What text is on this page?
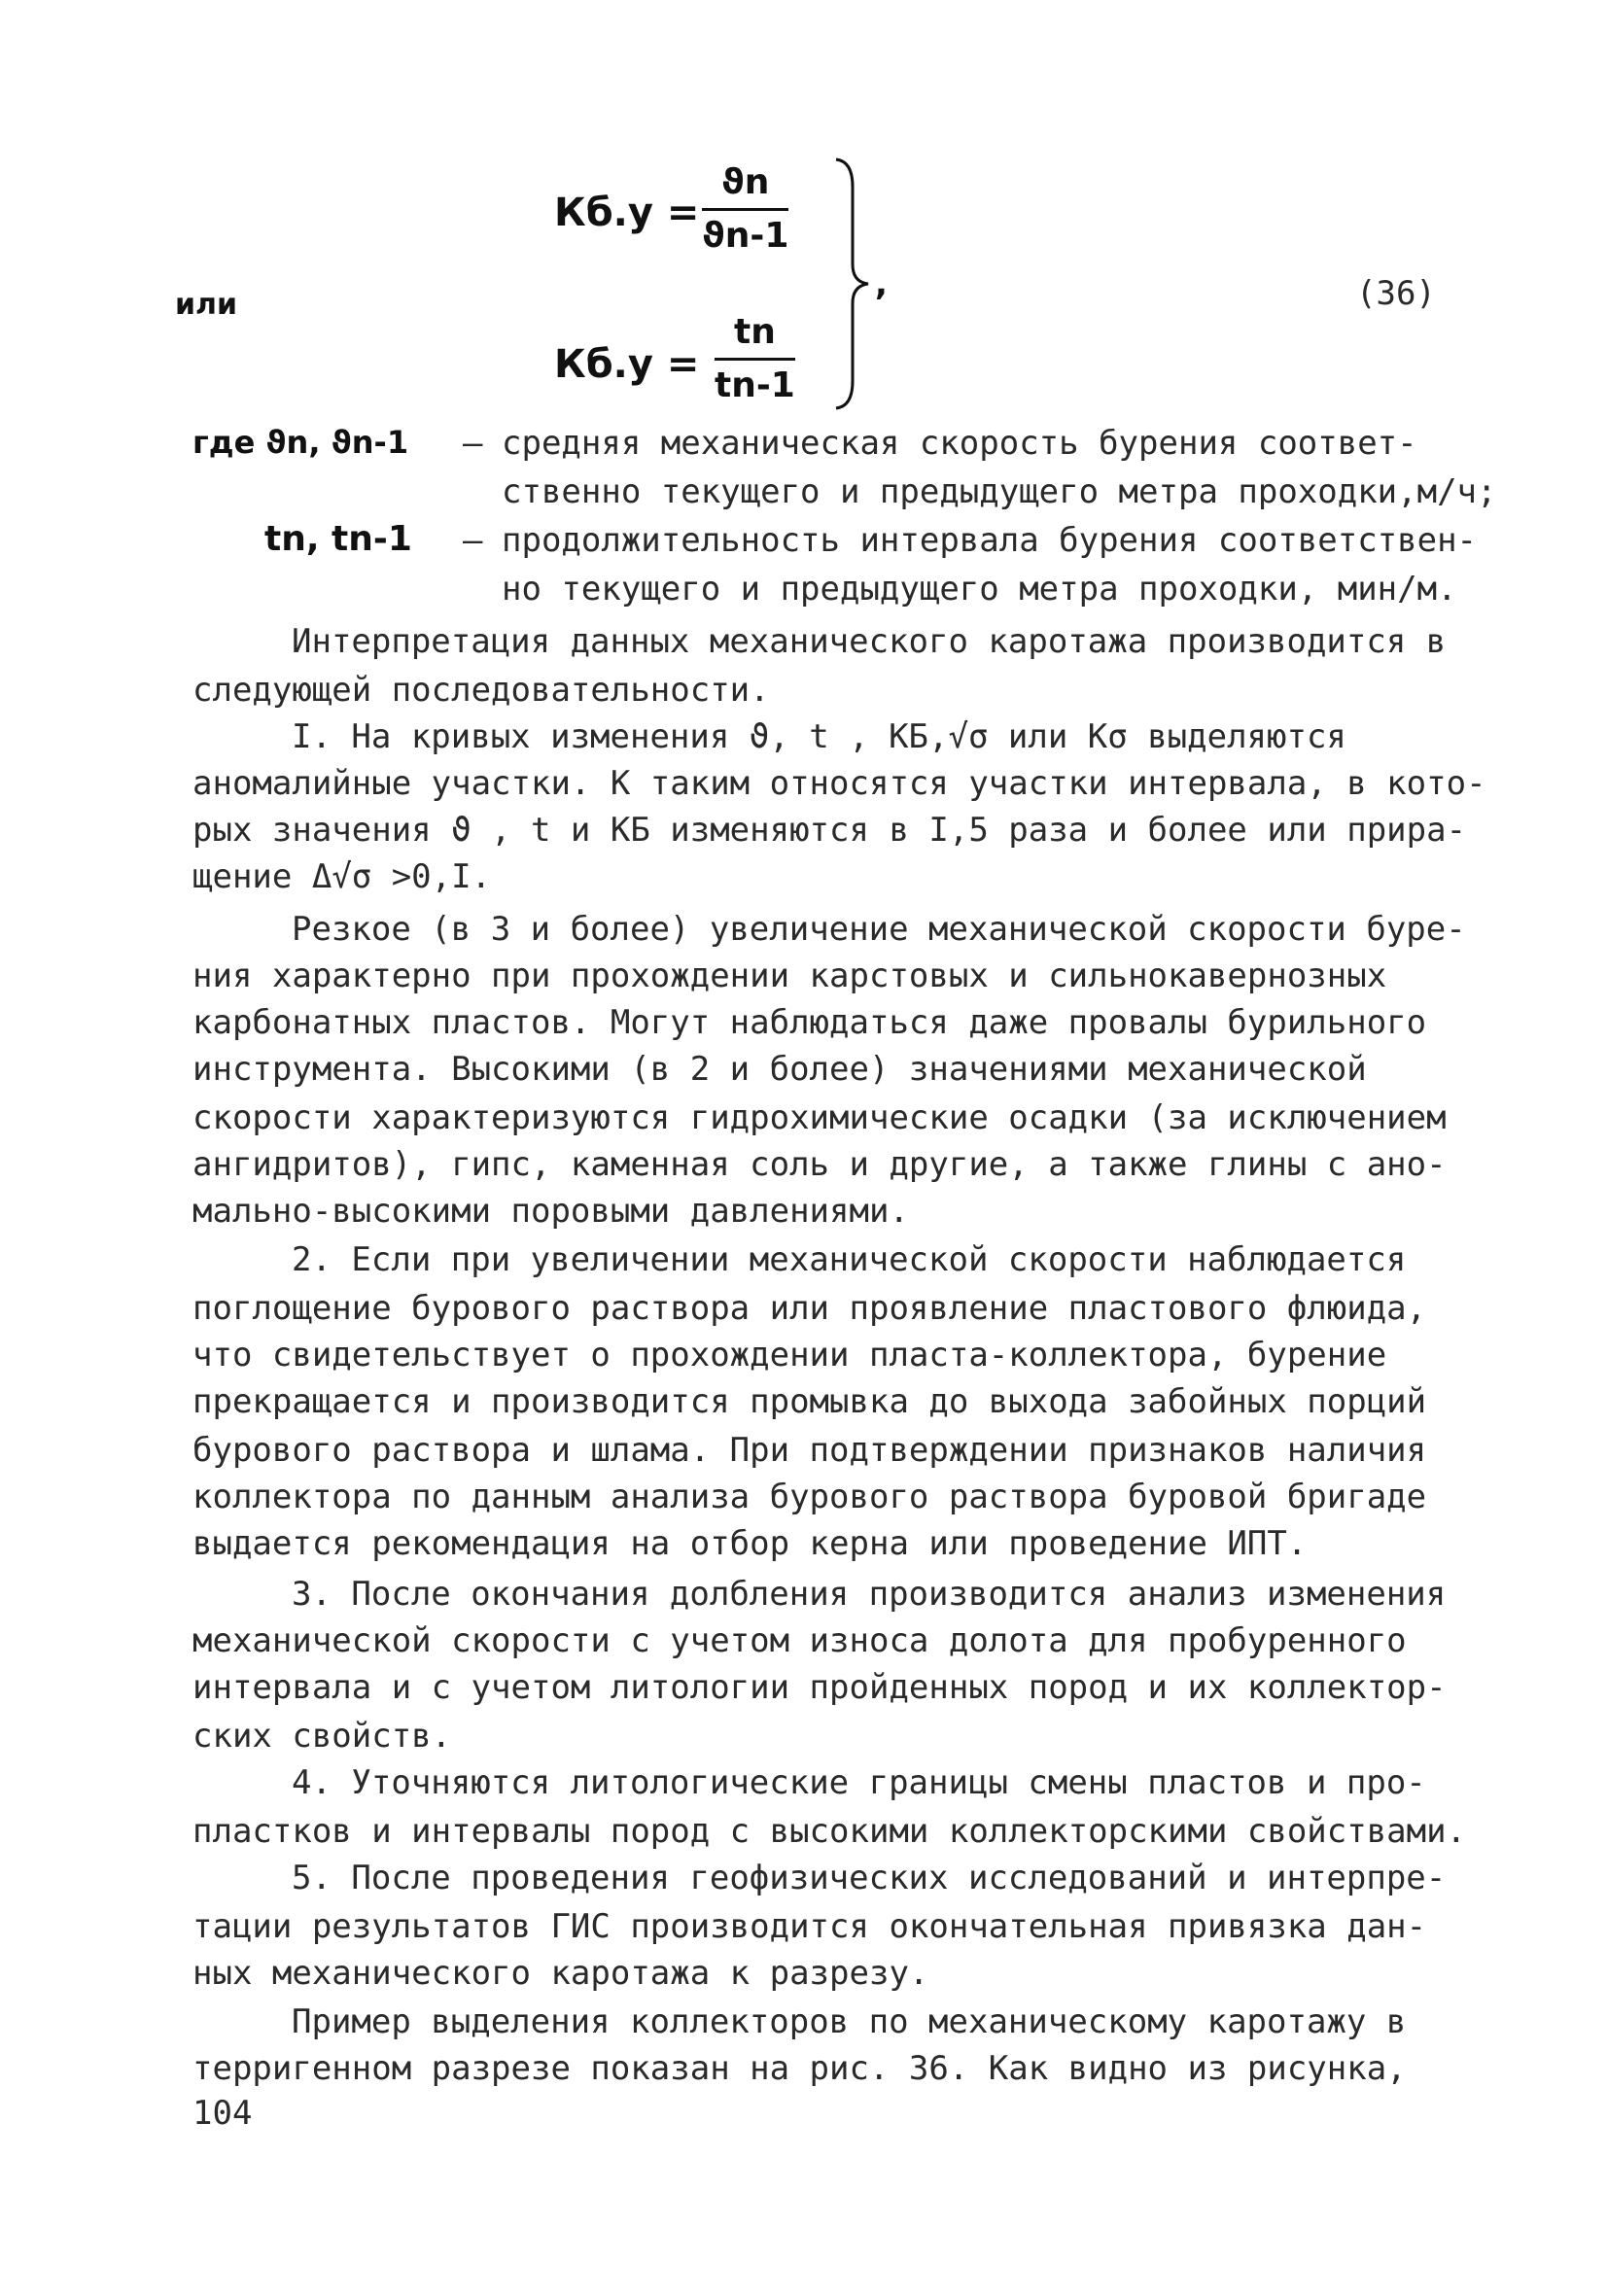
Кб.у =
ϑn
ϑn-1
или
Кб.у =
tn
tn-1
,	(36)
где ϑn, ϑn-1 – средняя механическая скорость бурения соответ-
ственно текущего и предыдущего метра проходки,м/ч;
tn, tn-1 – продолжительность интервала бурения соответствен-
но текущего и предыдущего метра проходки, мин/м.
Интерпретация данных механического каротажа производится в
следующей последовательности.
I. На кривых изменения ϑ, t , КБ,√σ или Кσ выделяются
аномалийные участки. К таким относятся участки интервала, в кото-
рых значения ϑ , t и КБ изменяются в I,5 раза и более или прира-
щение Δ√σ >0,I.
Резкое (в 3 и более) увеличение механической скорости буре-
ния характерно при прохождении карстовых и сильнокавернозных
карбонатных пластов. Могут наблюдаться даже провалы бурильного
инструмента. Высокими (в 2 и более) значениями механической
скорости характеризуются гидрохимические осадки (за исключением
ангидритов), гипс, каменная соль и другие, а также глины с ано-
мально-высокими поровыми давлениями.
2. Если при увеличении механической скорости наблюдается
поглощение бурового раствора или проявление пластового флюида,
что свидетельствует о прохождении пласта-коллектора, бурение
прекращается и производится промывка до выхода забойных порций
бурового раствора и шлама. При подтверждении признаков наличия
коллектора по данным анализа бурового раствора буровой бригаде
выдается рекомендация на отбор керна или проведение ИПТ.
3. После окончания долбления производится анализ изменения
механической скорости с учетом износа долота для пробуренного
интервала и с учетом литологии пройденных пород и их коллектор-
ских свойств.
4. Уточняются литологические границы смены пластов и про-
пластков и интервалы пород с высокими коллекторскими свойствами.
5. После проведения геофизических исследований и интерпре-
тации результатов ГИС производится окончательная привязка дан-
ных механического каротажа к разрезу.
Пример выделения коллекторов по механическому каротажу в
терригенном разрезе показан на рис. 36. Как видно из рисунка,
104
